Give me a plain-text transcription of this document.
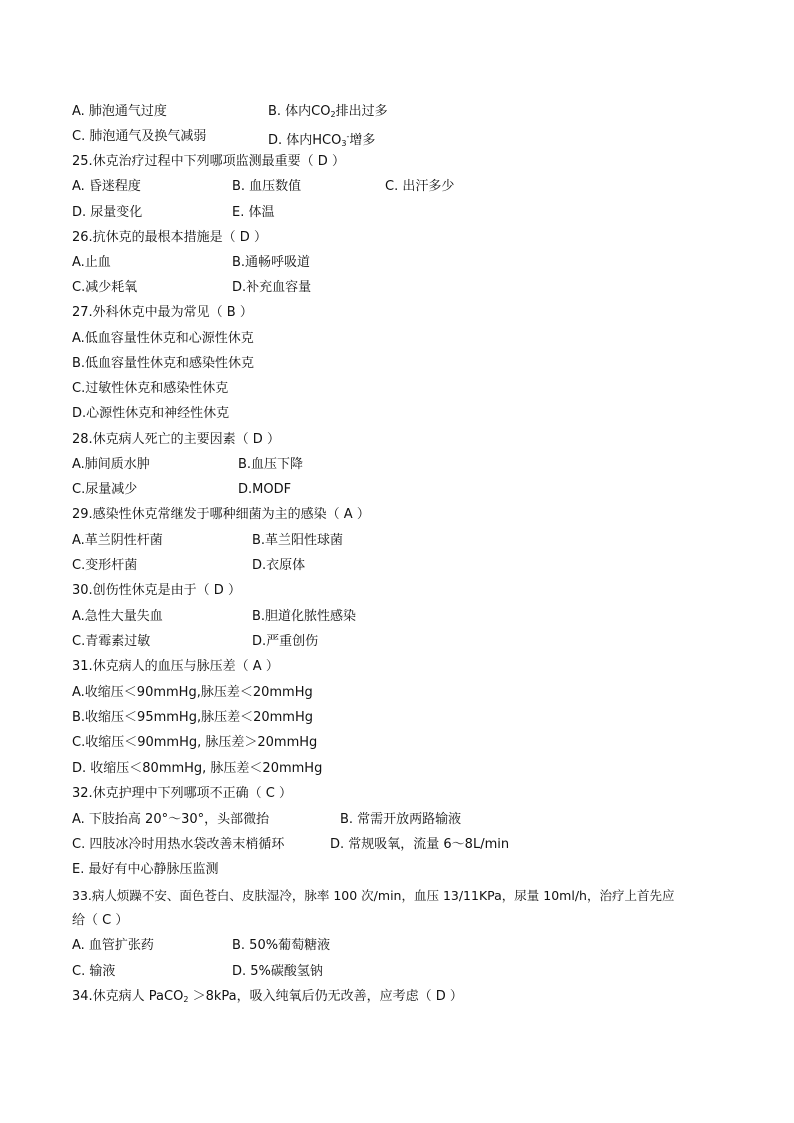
A. 肺泡通气过度	B. 体内$CO_2$排出过多
C. 肺泡通气及换气减弱	D. 体内$HCO_3^-$增多
25.休克治疗过程中下列哪项监测最重要（ D ）
A. 昏迷程度	B. 血压数值	C. 出汗多少
D. 尿量变化	E. 体温
26.抗休克的最根本措施是（ D ）
A.止血	B.通畅呼吸道
C.减少耗氧	D.补充血容量
27.外科休克中最为常见（ B ）
A.低血容量性休克和心源性休克
B.低血容量性休克和感染性休克
C.过敏性休克和感染性休克
D.心源性休克和神经性休克
28.休克病人死亡的主要因素（ D ）
A.肺间质水肿	B.血压下降
C.尿量减少	D.MODF
29.感染性休克常继发于哪种细菌为主的感染（ A ）
A.革兰阴性杆菌	B.革兰阳性球菌
C.变形杆菌	D.衣原体
30.创伤性休克是由于（ D ）
A.急性大量失血	B.胆道化脓性感染
C.青霉素过敏	D.严重创伤
31.休克病人的血压与脉压差（ A ）
A.收缩压＜90mmHg,脉压差＜20mmHg
B.收缩压＜95mmHg,脉压差＜20mmHg
C.收缩压＜90mmHg, 脉压差＞20mmHg
D. 收缩压＜80mmHg, 脉压差＜20mmHg
32.休克护理中下列哪项不正确（ C ）
A. 下肢抬高 20°～30°，头部微抬	B. 常需开放两路输液
C. 四肢冰冷时用热水袋改善末梢循环	D. 常规吸氧，流量 6～8L/min
E. 最好有中心静脉压监测
33.病人烦躁不安、面色苍白、皮肤湿冷，脉率 100 次/min，血压 13/11KPa，尿量 10ml/h，治疗上首先应
给（ C ）
A. 血管扩张药	B. 50%葡萄糖液
C. 输液	D. 5%碳酸氢钠
34.休克病人 PaCO$_2$ ＞8kPa，吸入纯氧后仍无改善，应考虑（ D ）
